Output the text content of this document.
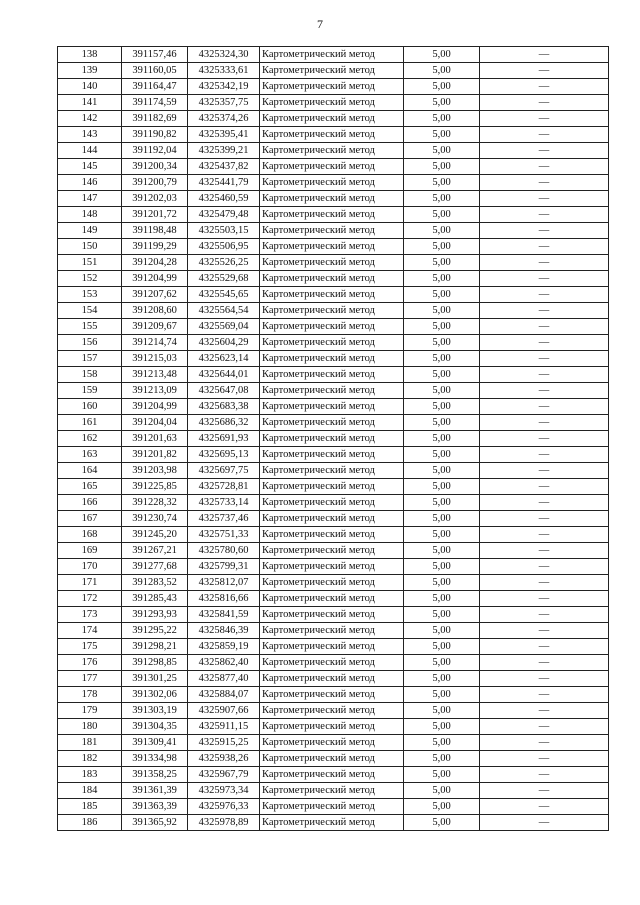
7
138	391157,46	4325324,30	Картометрический метод	5,00	—
139	391160,05	4325333,61	Картометрический метод	5,00	—
140	391164,47	4325342,19	Картометрический метод	5,00	—
141	391174,59	4325357,75	Картометрический метод	5,00	—
142	391182,69	4325374,26	Картометрический метод	5,00	—
143	391190,82	4325395,41	Картометрический метод	5,00	—
144	391192,04	4325399,21	Картометрический метод	5,00	—
145	391200,34	4325437,82	Картометрический метод	5,00	—
146	391200,79	4325441,79	Картометрический метод	5,00	—
147	391202,03	4325460,59	Картометрический метод	5,00	—
148	391201,72	4325479,48	Картометрический метод	5,00	—
149	391198,48	4325503,15	Картометрический метод	5,00	—
150	391199,29	4325506,95	Картометрический метод	5,00	—
151	391204,28	4325526,25	Картометрический метод	5,00	—
152	391204,99	4325529,68	Картометрический метод	5,00	—
153	391207,62	4325545,65	Картометрический метод	5,00	—
154	391208,60	4325564,54	Картометрический метод	5,00	—
155	391209,67	4325569,04	Картометрический метод	5,00	—
156	391214,74	4325604,29	Картометрический метод	5,00	—
157	391215,03	4325623,14	Картометрический метод	5,00	—
158	391213,48	4325644,01	Картометрический метод	5,00	—
159	391213,09	4325647,08	Картометрический метод	5,00	—
160	391204,99	4325683,38	Картометрический метод	5,00	—
161	391204,04	4325686,32	Картометрический метод	5,00	—
162	391201,63	4325691,93	Картометрический метод	5,00	—
163	391201,82	4325695,13	Картометрический метод	5,00	—
164	391203,98	4325697,75	Картометрический метод	5,00	—
165	391225,85	4325728,81	Картометрический метод	5,00	—
166	391228,32	4325733,14	Картометрический метод	5,00	—
167	391230,74	4325737,46	Картометрический метод	5,00	—
168	391245,20	4325751,33	Картометрический метод	5,00	—
169	391267,21	4325780,60	Картометрический метод	5,00	—
170	391277,68	4325799,31	Картометрический метод	5,00	—
171	391283,52	4325812,07	Картометрический метод	5,00	—
172	391285,43	4325816,66	Картометрический метод	5,00	—
173	391293,93	4325841,59	Картометрический метод	5,00	—
174	391295,22	4325846,39	Картометрический метод	5,00	—
175	391298,21	4325859,19	Картометрический метод	5,00	—
176	391298,85	4325862,40	Картометрический метод	5,00	—
177	391301,25	4325877,40	Картометрический метод	5,00	—
178	391302,06	4325884,07	Картометрический метод	5,00	—
179	391303,19	4325907,66	Картометрический метод	5,00	—
180	391304,35	4325911,15	Картометрический метод	5,00	—
181	391309,41	4325915,25	Картометрический метод	5,00	—
182	391334,98	4325938,26	Картометрический метод	5,00	—
183	391358,25	4325967,79	Картометрический метод	5,00	—
184	391361,39	4325973,34	Картометрический метод	5,00	—
185	391363,39	4325976,33	Картометрический метод	5,00	—
186	391365,92	4325978,89	Картометрический метод	5,00	—
